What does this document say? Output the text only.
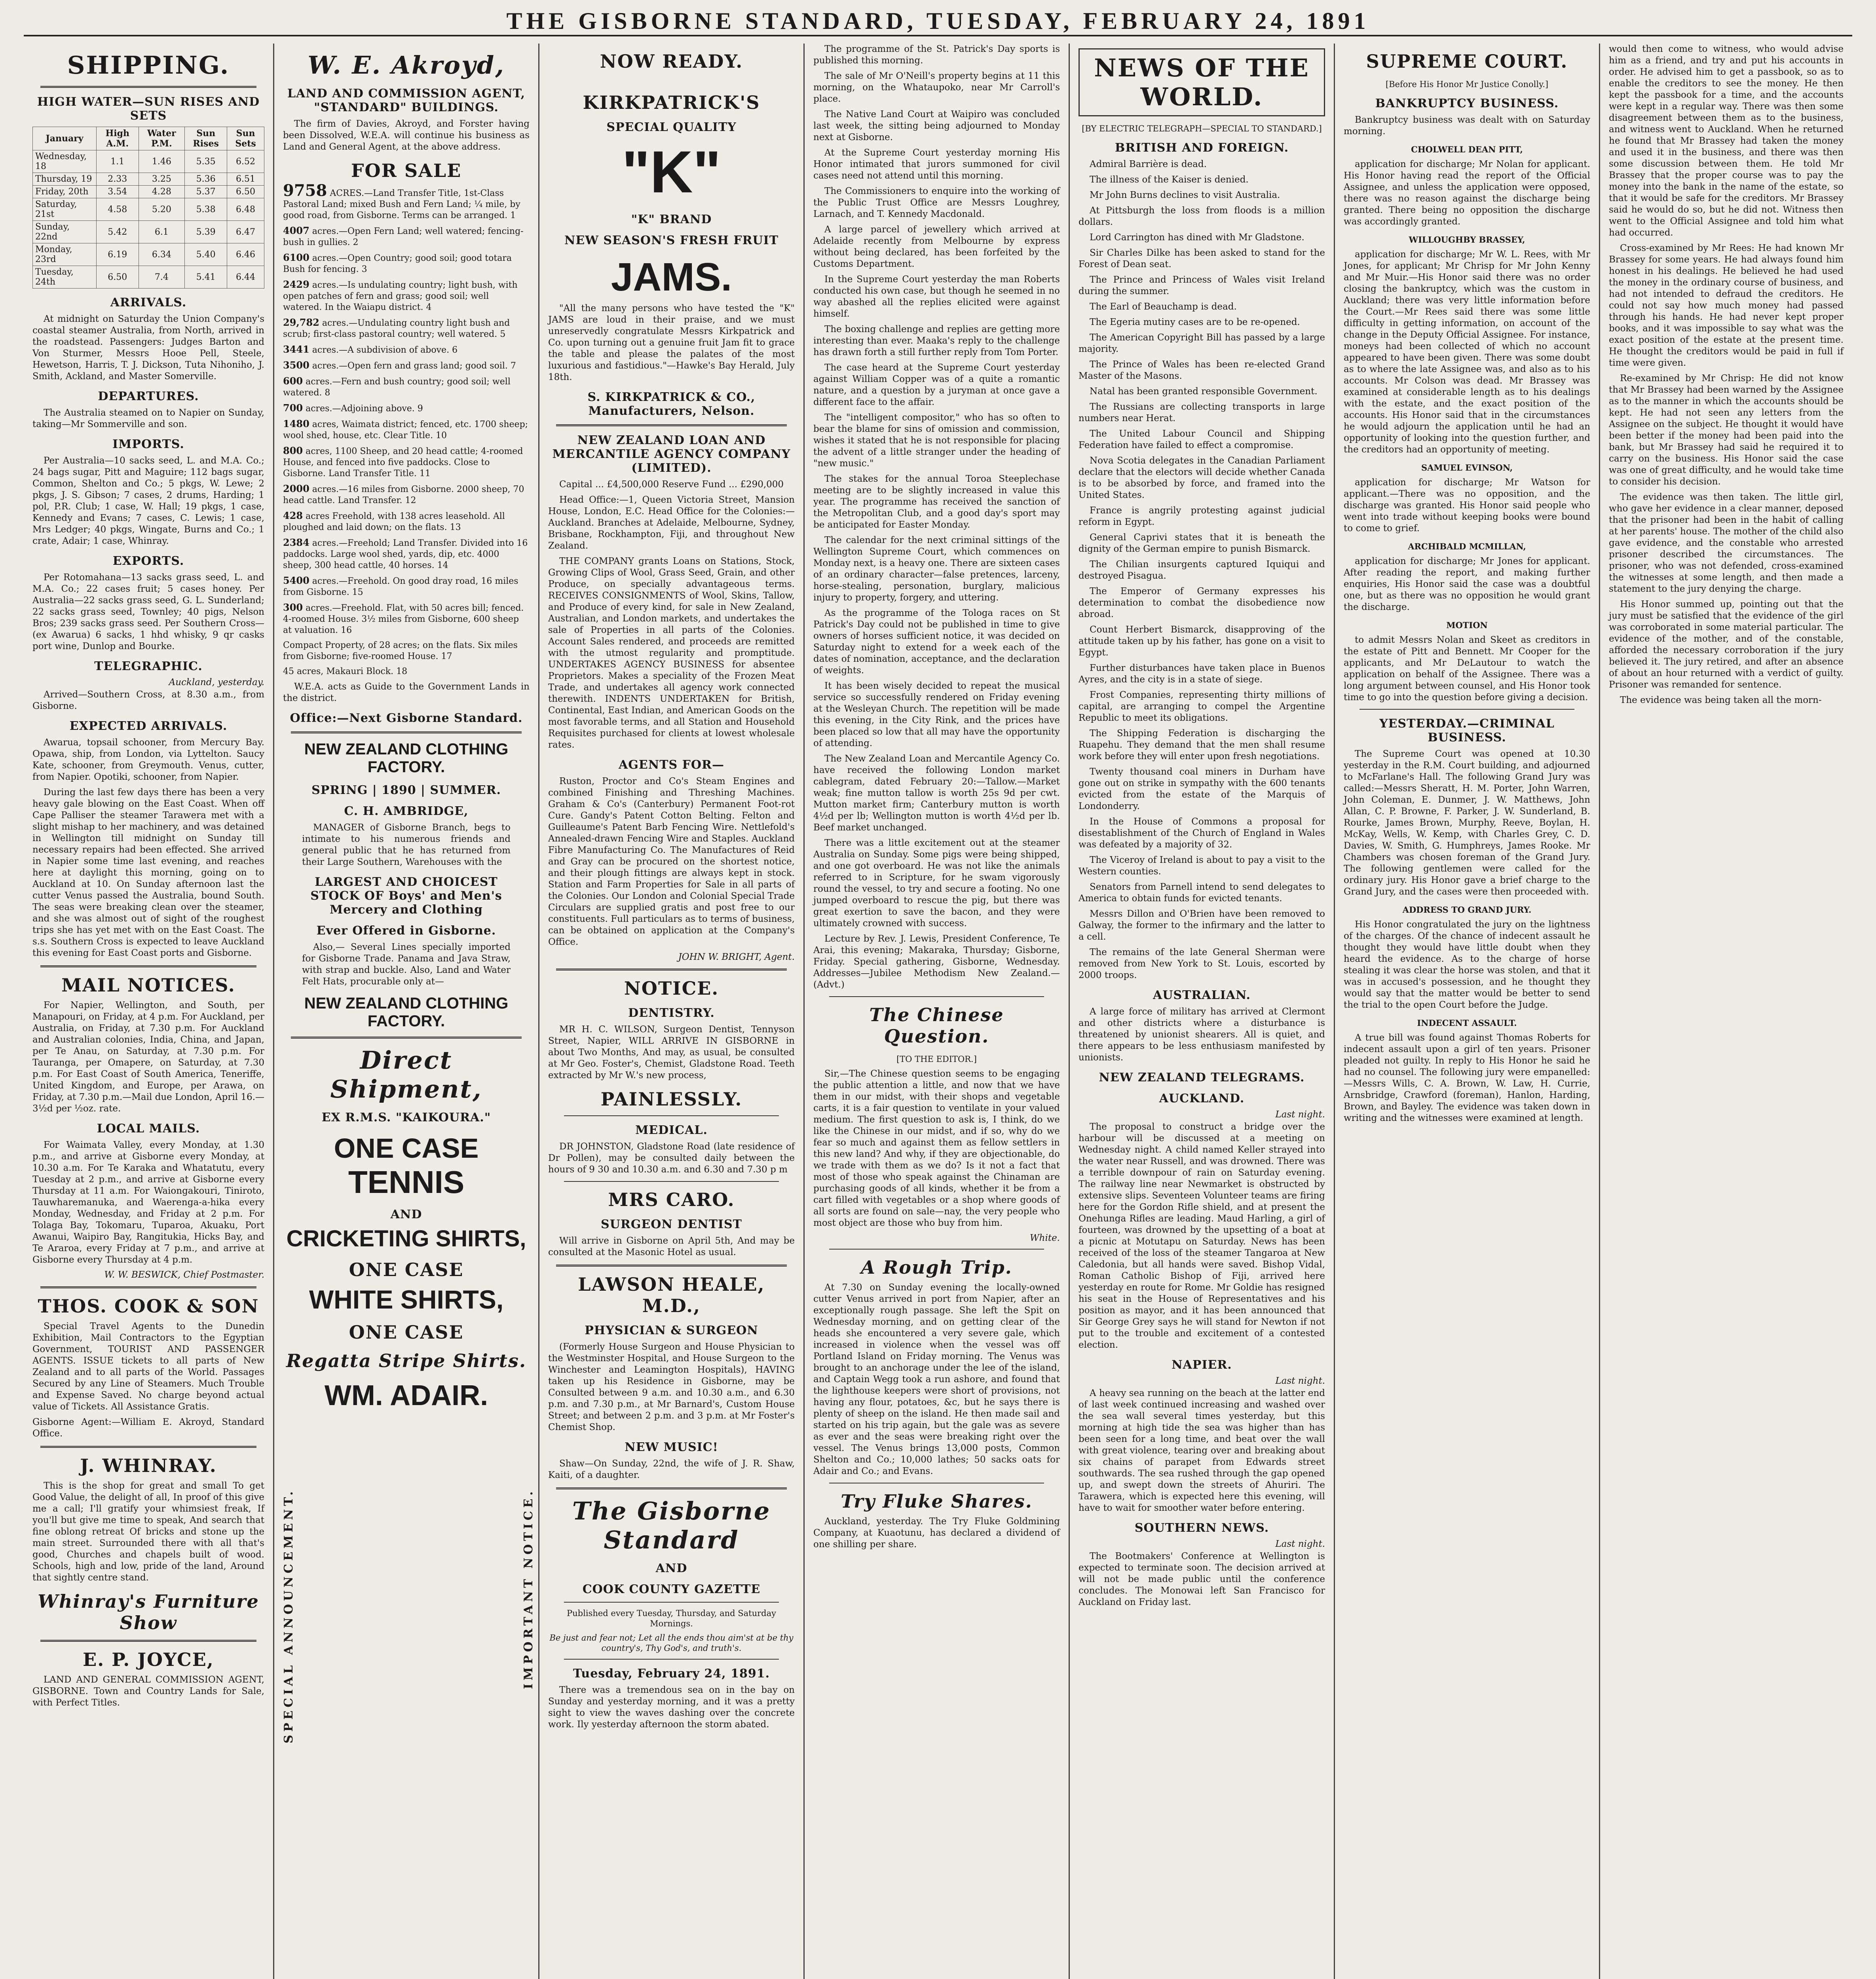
THE GISBORNE STANDARD, TUESDAY, FEBRUARY 24, 1891
SHIPPING.
HIGH WATER—SUN RISES AND SETS
January	High A.M.	Water P.M.	Sun Rises	Sun Sets
Wednesday, 18	1.1	1.46	5.35	6.52
Thursday, 19	2.33	3.25	5.36	6.51
Friday, 20th	3.54	4.28	5.37	6.50
Saturday, 21st	4.58	5.20	5.38	6.48
Sunday, 22nd	5.42	6.1	5.39	6.47
Monday, 23rd	6.19	6.34	5.40	6.46
Tuesday, 24th	6.50	7.4	5.41	6.44
ARRIVALS.

At midnight on Saturday the Union Company's coastal steamer Australia, from North, arrived in the roadstead. Passengers: Judges Barton and Von Sturmer, Messrs Hooe Pell, Steele, Hewetson, Harris, T. J. Dickson, Tuta Nihoniho, J. Smith, Ackland, and Master Somerville.

DEPARTURES.

The Australia steamed on to Napier on Sunday, taking—Mr Sommerville and son.

IMPORTS.

Per Australia—10 sacks seed, L. and M.A. Co.; 24 bags sugar, Pitt and Maguire; 112 bags sugar, Common, Shelton and Co.; 5 pkgs, W. Lewe; 2 pkgs, J. S. Gibson; 7 cases, 2 drums, Harding; 1 pol, P.R. Club; 1 case, W. Hall; 19 pkgs, 1 case, Kennedy and Evans; 7 cases, C. Lewis; 1 case, Mrs Ledger; 40 pkgs, Wingate, Burns and Co.; 1 crate, Adair; 1 case, Whinray.

EXPORTS.

Per Rotomahana—13 sacks grass seed, L. and M.A. Co.; 22 cases fruit; 5 cases honey. Per Australia—22 sacks grass seed, G. L. Sunderland; 22 sacks grass seed, Townley; 40 pigs, Nelson Bros; 239 sacks grass seed. Per Southern Cross—(ex Awarua) 6 sacks, 1 hhd whisky, 9 qr casks port wine, Dunlop and Bourke.

TELEGRAPHIC.
Auckland, yesterday.

Arrived—Southern Cross, at 8.30 a.m., from Gisborne.

EXPECTED ARRIVALS.

Awarua, topsail schooner, from Mercury Bay. Opawa, ship, from London, via Lyttelton. Saucy Kate, schooner, from Greymouth. Venus, cutter, from Napier. Opotiki, schooner, from Napier.

During the last few days there has been a very heavy gale blowing on the East Coast. When off Cape Palliser the steamer Tarawera met with a slight mishap to her machinery, and was detained in Wellington till midnight on Sunday till necessary repairs had been effected. She arrived in Napier some time last evening, and reaches here at daylight this morning, going on to Auckland at 10. On Sunday afternoon last the cutter Venus passed the Australia, bound South. The seas were breaking clean over the steamer, and she was almost out of sight of the roughest trips she has yet met with on the East Coast. The s.s. Southern Cross is expected to leave Auckland this evening for East Coast ports and Gisborne.

MAIL NOTICES.

For Napier, Wellington, and South, per Manapouri, on Friday, at 4 p.m. For Auckland, per Australia, on Friday, at 7.30 p.m. For Auckland and Australian colonies, India, China, and Japan, per Te Anau, on Saturday, at 7.30 p.m. For Tauranga, per Omapere, on Saturday, at 7.30 p.m. For East Coast of South America, Teneriffe, United Kingdom, and Europe, per Arawa, on Friday, at 7.30 p.m.—Mail due London, April 16.—3½d per ½oz. rate.

LOCAL MAILS.

For Waimata Valley, every Monday, at 1.30 p.m., and arrive at Gisborne every Monday, at 10.30 a.m. For Te Karaka and Whatatutu, every Tuesday at 2 p.m., and arrive at Gisborne every Thursday at 11 a.m. For Waiongakouri, Tiniroto, Tauwharemanuka, and Waerenga-a-hika every Monday, Wednesday, and Friday at 2 p.m. For Tolaga Bay, Tokomaru, Tuparoa, Akuaku, Port Awanui, Waipiro Bay, Rangitukia, Hicks Bay, and Te Araroa, every Friday at 7 p.m., and arrive at Gisborne every Thursday at 4 p.m.

W. W. BESWICK, Chief Postmaster.
THOS. COOK & SON

Special Travel Agents to the Dunedin Exhibition, Mail Contractors to the Egyptian Government, TOURIST AND PASSENGER AGENTS. ISSUE tickets to all parts of New Zealand and to all parts of the World. Passages Secured by any Line of Steamers. Much Trouble and Expense Saved. No charge beyond actual value of Tickets. All Assistance Gratis.

Gisborne Agent:—William E. Akroyd, Standard Office.

J. WHINRAY.

This is the shop for great and small To get Good Value, the delight of all, In proof of this give me a call; I'll gratify your whimsiest freak, If you'll but give me time to speak, And search that fine oblong retreat Of bricks and stone up the main street. Surrounded there with all that's good, Churches and chapels built of wood. Schools, high and low, pride of the land, Around that sightly centre stand.

Whinray's Furniture Show
E. P. JOYCE,

LAND AND GENERAL COMMISSION AGENT, GISBORNE. Town and Country Lands for Sale, with Perfect Titles.

W. E. Akroyd,
LAND AND COMMISSION AGENT, "STANDARD" BUILDINGS.

The firm of Davies, Akroyd, and Forster having been Dissolved, W.E.A. will continue his business as Land and General Agent, at the above address.

FOR SALE
9758 ACRES.—Land Transfer Title, 1st-Class Pastoral Land; mixed Bush and Fern Land; ¼ mile, by good road, from Gisborne. Terms can be arranged. 1
4007 acres.—Open Fern Land; well watered; fencing-bush in gullies. 2
6100 acres.—Open Country; good soil; good totara Bush for fencing. 3
2429 acres.—Is undulating country; light bush, with open patches of fern and grass; good soil; well watered. In the Waiapu district. 4
29,782 acres.—Undulating country light bush and scrub; first-class pastoral country; well watered. 5
3441 acres.—A subdivision of above. 6
3500 acres.—Open fern and grass land; good soil. 7
600 acres.—Fern and bush country; good soil; well watered. 8
700 acres.—Adjoining above. 9
1480 acres, Waimata district; fenced, etc. 1700 sheep; wool shed, house, etc. Clear Title. 10
800 acres, 1100 Sheep, and 20 head cattle; 4-roomed House, and fenced into five paddocks. Close to Gisborne. Land Transfer Title. 11
2000 acres.—16 miles from Gisborne. 2000 sheep, 70 head cattle. Land Transfer. 12
428 acres Freehold, with 138 acres leasehold. All ploughed and laid down; on the flats. 13
2384 acres.—Freehold; Land Transfer. Divided into 16 paddocks. Large wool shed, yards, dip, etc. 4000 sheep, 300 head cattle, 40 horses. 14
5400 acres.—Freehold. On good dray road, 16 miles from Gisborne. 15
300 acres.—Freehold. Flat, with 50 acres bill; fenced. 4-roomed House. 3½ miles from Gisborne, 600 sheep at valuation. 16
Compact Property, of 28 acres; on the flats. Six miles from Gisborne; five-roomed House. 17
45 acres, Makauri Block. 18

W.E.A. acts as Guide to the Government Lands in the district.

Office:—Next Gisborne Standard.
NEW ZEALAND CLOTHING FACTORY.
SPRING | 1890 | SUMMER.
C. H. AMBRIDGE,

MANAGER of Gisborne Branch, begs to intimate to his numerous friends and general public that he has returned from their Large Southern, Warehouses with the

LARGEST AND CHOICEST STOCK OF Boys' and Men's Mercery and Clothing
Ever Offered in Gisborne.

Also,— Several Lines specially imported for Gisborne Trade. Panama and Java Straw, with strap and buckle. Also, Land and Water Felt Hats, procurable only at—

NEW ZEALAND CLOTHING FACTORY.
Direct Shipment,
EX R.M.S. "KAIKOURA."
ONE CASE
TENNIS
AND
CRICKETING SHIRTS,
ONE CASE
WHITE SHIRTS,
ONE CASE
Regatta Stripe Shirts.
WM. ADAIR.
SPECIAL ANNOUNCEMENT.	IMPORTANT NOTICE.
NOW READY.
KIRKPATRICK'S
SPECIAL QUALITY
"K"
"K" BRAND
NEW SEASON'S FRESH FRUIT
JAMS.

"All the many persons who have tested the "K" JAMS are loud in their praise, and we must unreservedly congratulate Messrs Kirkpatrick and Co. upon turning out a genuine fruit Jam fit to grace the table and please the palates of the most luxurious and fastidious."—Hawke's Bay Herald, July 18th.

S. KIRKPATRICK & CO., Manufacturers, Nelson.
NEW ZEALAND LOAN AND MERCANTILE AGENCY COMPANY (LIMITED).

Capital ... £4,500,000 Reserve Fund ... £290,000

Head Office:—1, Queen Victoria Street, Mansion House, London, E.C. Head Office for the Colonies:—Auckland. Branches at Adelaide, Melbourne, Sydney, Brisbane, Rockhampton, Fiji, and throughout New Zealand.

THE COMPANY grants Loans on Stations, Stock, Growing Clips of Wool, Grass Seed, Grain, and other Produce, on specially advantageous terms. RECEIVES CONSIGNMENTS of Wool, Skins, Tallow, and Produce of every kind, for sale in New Zealand, Australian, and London markets, and undertakes the sale of Properties in all parts of the Colonies. Account Sales rendered, and proceeds are remitted with the utmost regularity and promptitude. UNDERTAKES AGENCY BUSINESS for absentee Proprietors. Makes a speciality of the Frozen Meat Trade, and undertakes all agency work connected therewith. INDENTS UNDERTAKEN for British, Continental, East Indian, and American Goods on the most favorable terms, and all Station and Household Requisites purchased for clients at lowest wholesale rates.

AGENTS FOR—

Ruston, Proctor and Co's Steam Engines and combined Finishing and Threshing Machines. Graham & Co's (Canterbury) Permanent Foot-rot Cure. Gandy's Patent Cotton Belting. Felton and Guilleaume's Patent Barb Fencing Wire. Nettlefold's Annealed-drawn Fencing Wire and Staples. Auckland Fibre Manufacturing Co. The Manufactures of Reid and Gray can be procured on the shortest notice, and their plough fittings are always kept in stock. Station and Farm Properties for Sale in all parts of the Colonies. Our London and Colonial Special Trade Circulars are supplied gratis and post free to our constituents. Full particulars as to terms of business, can be obtained on application at the Company's Office.

JOHN W. BRIGHT, Agent.
NOTICE.
DENTISTRY.

MR H. C. WILSON, Surgeon Dentist, Tennyson Street, Napier, WILL ARRIVE IN GISBORNE in about Two Months, And may, as usual, be consulted at Mr Geo. Foster's, Chemist, Gladstone Road. Teeth extracted by Mr W.'s new process,

PAINLESSLY.
MEDICAL.

DR JOHNSTON, Gladstone Road (late residence of Dr Pollen), may be consulted daily between the hours of 9 30 and 10.30 a.m. and 6.30 and 7.30 p m

MRS CARO.
SURGEON DENTIST

Will arrive in Gisborne on April 5th, And may be consulted at the Masonic Hotel as usual.

LAWSON HEALE, M.D.,
PHYSICIAN & SURGEON

(Formerly House Surgeon and House Physician to the Westminster Hospital, and House Surgeon to the Winchester and Leamington Hospitals), HAVING taken up his Residence in Gisborne, may be Consulted between 9 a.m. and 10.30 a.m., and 6.30 p.m. and 7.30 p.m., at Mr Barnard's, Custom House Street; and between 2 p.m. and 3 p.m. at Mr Foster's Chemist Shop.

NEW MUSIC!

Shaw—On Sunday, 22nd, the wife of J. R. Shaw, Kaiti, of a daughter.

The Gisborne Standard
AND
COOK COUNTY GAZETTE

Published every Tuesday, Thursday, and Saturday Mornings.

Be just and fear not; Let all the ends thou aim'st at be thy country's, Thy God's, and truth's.

Tuesday, February 24, 1891.

There was a tremendous sea on in the bay on Sunday and yesterday morning, and it was a pretty sight to view the waves dashing over the concrete work. Ily yesterday afternoon the storm abated.

The programme of the St. Patrick's Day sports is published this morning.

The sale of Mr O'Neill's property begins at 11 this morning, on the Whataupoko, near Mr Carroll's place.

The Native Land Court at Waipiro was concluded last week, the sitting being adjourned to Monday next at Gisborne.

At the Supreme Court yesterday morning His Honor intimated that jurors summoned for civil cases need not attend until this morning.

The Commissioners to enquire into the working of the Public Trust Office are Messrs Loughrey, Larnach, and T. Kennedy Macdonald.

A large parcel of jewellery which arrived at Adelaide recently from Melbourne by express without being declared, has been forfeited by the Customs Department.

In the Supreme Court yesterday the man Roberts conducted his own case, but though he seemed in no way abashed all the replies elicited were against himself.

The boxing challenge and replies are getting more interesting than ever. Maaka's reply to the challenge has drawn forth a still further reply from Tom Porter.

The case heard at the Supreme Court yesterday against William Copper was of a quite a romantic nature, and a question by a juryman at once gave a different face to the affair.

The "intelligent compositor," who has so often to bear the blame for sins of omission and commission, wishes it stated that he is not responsible for placing the advent of a little stranger under the heading of "new music."

The stakes for the annual Toroa Steeplechase meeting are to be slightly increased in value this year. The programme has received the sanction of the Metropolitan Club, and a good day's sport may be anticipated for Easter Monday.

The calendar for the next criminal sittings of the Wellington Supreme Court, which commences on Monday next, is a heavy one. There are sixteen cases of an ordinary character—false pretences, larceny, horse-stealing, personation, burglary, malicious injury to property, forgery, and uttering.

As the programme of the Tologa races on St Patrick's Day could not be published in time to give owners of horses sufficient notice, it was decided on Saturday night to extend for a week each of the dates of nomination, acceptance, and the declaration of weights.

It has been wisely decided to repeat the musical service so successfully rendered on Friday evening at the Wesleyan Church. The repetition will be made this evening, in the City Rink, and the prices have been placed so low that all may have the opportunity of attending.

The New Zealand Loan and Mercantile Agency Co. have received the following London market cablegram, dated February 20:—Tallow.—Market weak; fine mutton tallow is worth 25s 9d per cwt. Mutton market firm; Canterbury mutton is worth 4½d per lb; Wellington mutton is worth 4½d per lb. Beef market unchanged.

There was a little excitement out at the steamer Australia on Sunday. Some pigs were being shipped, and one got overboard. He was not like the animals referred to in Scripture, for he swam vigorously round the vessel, to try and secure a footing. No one jumped overboard to rescue the pig, but there was great exertion to save the bacon, and they were ultimately crowned with success.

Lecture by Rev. J. Lewis, President Conference, Te Arai, this evening; Makaraka, Thursday; Gisborne, Friday. Special gathering, Gisborne, Wednesday. Addresses—Jubilee Methodism New Zealand.—(Advt.)

The Chinese Question.
[TO THE EDITOR.]

Sir,—The Chinese question seems to be engaging the public attention a little, and now that we have them in our midst, with their shops and vegetable carts, it is a fair question to ventilate in your valued medium. The first question to ask is, I think, do we like the Chinese in our midst, and if so, why do we fear so much and against them as fellow settlers in this new land? And why, if they are objectionable, do we trade with them as we do? Is it not a fact that most of those who speak against the Chinaman are purchasing goods of all kinds, whether it be from a cart filled with vegetables or a shop where goods of all sorts are found on sale—nay, the very people who most object are those who buy from him.

White.
A Rough Trip.

At 7.30 on Sunday evening the locally-owned cutter Venus arrived in port from Napier, after an exceptionally rough passage. She left the Spit on Wednesday morning, and on getting clear of the heads she encountered a very severe gale, which increased in violence when the vessel was off Portland Island on Friday morning. The Venus was brought to an anchorage under the lee of the island, and Captain Wegg took a run ashore, and found that the lighthouse keepers were short of provisions, not having any flour, potatoes, &c, but he says there is plenty of sheep on the island. He then made sail and started on his trip again, but the gale was as severe as ever and the seas were breaking right over the vessel. The Venus brings 13,000 posts, Common Shelton and Co.; 10,000 lathes; 50 sacks oats for Adair and Co.; and Evans.

Try Fluke Shares.

Auckland, yesterday. The Try Fluke Goldmining Company, at Kuaotunu, has declared a dividend of one shilling per share.

NEWS OF THE WORLD.
[BY ELECTRIC TELEGRAPH—SPECIAL TO STANDARD.]
BRITISH AND FOREIGN.

Admiral Barrière is dead.

The illness of the Kaiser is denied.

Mr John Burns declines to visit Australia.

At Pittsburgh the loss from floods is a million dollars.

Lord Carrington has dined with Mr Gladstone.

Sir Charles Dilke has been asked to stand for the Forest of Dean seat.

The Prince and Princess of Wales visit Ireland during the summer.

The Earl of Beauchamp is dead.

The Egeria mutiny cases are to be re-opened.

The American Copyright Bill has passed by a large majority.

The Prince of Wales has been re-elected Grand Master of the Masons.

Natal has been granted responsible Government.

The Russians are collecting transports in large numbers near Herat.

The United Labour Council and Shipping Federation have failed to effect a compromise.

Nova Scotia delegates in the Canadian Parliament declare that the electors will decide whether Canada is to be absorbed by force, and framed into the United States.

France is angrily protesting against judicial reform in Egypt.

General Caprivi states that it is beneath the dignity of the German empire to punish Bismarck.

The Chilian insurgents captured Iquiqui and destroyed Pisagua.

The Emperor of Germany expresses his determination to combat the disobedience now abroad.

Count Herbert Bismarck, disapproving of the attitude taken up by his father, has gone on a visit to Egypt.

Further disturbances have taken place in Buenos Ayres, and the city is in a state of siege.

Frost Companies, representing thirty millions of capital, are arranging to compel the Argentine Republic to meet its obligations.

The Shipping Federation is discharging the Ruapehu. They demand that the men shall resume work before they will enter upon fresh negotiations.

Twenty thousand coal miners in Durham have gone out on strike in sympathy with the 600 tenants evicted from the estate of the Marquis of Londonderry.

In the House of Commons a proposal for disestablishment of the Church of England in Wales was defeated by a majority of 32.

The Viceroy of Ireland is about to pay a visit to the Western counties.

Senators from Parnell intend to send delegates to America to obtain funds for evicted tenants.

Messrs Dillon and O'Brien have been removed to Galway, the former to the infirmary and the latter to a cell.

The remains of the late General Sherman were removed from New York to St. Louis, escorted by 2000 troops.

AUSTRALIAN.

A large force of military has arrived at Clermont and other districts where a disturbance is threatened by unionist shearers. All is quiet, and there appears to be less enthusiasm manifested by unionists.

NEW ZEALAND TELEGRAMS.
AUCKLAND.
Last night.

The proposal to construct a bridge over the harbour will be discussed at a meeting on Wednesday night. A child named Keller strayed into the water near Russell, and was drowned. There was a terrible downpour of rain on Saturday evening. The railway line near Newmarket is obstructed by extensive slips. Seventeen Volunteer teams are firing here for the Gordon Rifle shield, and at present the Onehunga Rifles are leading. Maud Harling, a girl of fourteen, was drowned by the upsetting of a boat at a picnic at Motutapu on Saturday. News has been received of the loss of the steamer Tangaroa at New Caledonia, but all hands were saved. Bishop Vidal, Roman Catholic Bishop of Fiji, arrived here yesterday en route for Rome. Mr Goldie has resigned his seat in the House of Representatives and his position as mayor, and it has been announced that Sir George Grey says he will stand for Newton if not put to the trouble and excitement of a contested election.

NAPIER.
Last night.

A heavy sea running on the beach at the latter end of last week continued increasing and washed over the sea wall several times yesterday, but this morning at high tide the sea was higher than has been seen for a long time, and beat over the wall with great violence, tearing over and breaking about six chains of parapet from Edwards street southwards. The sea rushed through the gap opened up, and swept down the streets of Ahuriri. The Tarawera, which is expected here this evening, will have to wait for smoother water before entering.

SOUTHERN NEWS.
Last night.

The Bootmakers' Conference at Wellington is expected to terminate soon. The decision arrived at will not be made public until the conference concludes. The Monowai left San Francisco for Auckland on Friday last.

SUPREME COURT.
[Before His Honor Mr Justice Conolly.]
BANKRUPTCY BUSINESS.

Bankruptcy business was dealt with on Saturday morning.

CHOLWELL DEAN PITT,

application for discharge; Mr Nolan for applicant. His Honor having read the report of the Official Assignee, and unless the application were opposed, there was no reason against the discharge being granted. There being no opposition the discharge was accordingly granted.

WILLOUGHBY BRASSEY,

application for discharge; Mr W. L. Rees, with Mr Jones, for applicant; Mr Chrisp for Mr John Kenny and Mr Muir.—His Honor said there was no order closing the bankruptcy, which was the custom in Auckland; there was very little information before the Court.—Mr Rees said there was some little difficulty in getting information, on account of the change in the Deputy Official Assignee. For instance, moneys had been collected of which no account appeared to have been given. There was some doubt as to where the late Assignee was, and also as to his accounts. Mr Colson was dead. Mr Brassey was examined at considerable length as to his dealings with the estate, and the exact position of the accounts. His Honor said that in the circumstances he would adjourn the application until he had an opportunity of looking into the question further, and the creditors had an opportunity of meeting.

SAMUEL EVINSON,

application for discharge; Mr Watson for applicant.—There was no opposition, and the discharge was granted. His Honor said people who went into trade without keeping books were bound to come to grief.

ARCHIBALD MCMILLAN,

application for discharge; Mr Jones for applicant. After reading the report, and making further enquiries, His Honor said the case was a doubtful one, but as there was no opposition he would grant the discharge.

MOTION

to admit Messrs Nolan and Skeet as creditors in the estate of Pitt and Bennett. Mr Cooper for the applicants, and Mr DeLautour to watch the application on behalf of the Assignee. There was a long argument between counsel, and His Honor took time to go into the question before giving a decision.

YESTERDAY.—CRIMINAL BUSINESS.

The Supreme Court was opened at 10.30 yesterday in the R.M. Court building, and adjourned to McFarlane's Hall. The following Grand Jury was called:—Messrs Sheratt, H. M. Porter, John Warren, John Coleman, E. Dunmer, J. W. Matthews, John Allan, C. P. Browne, F. Parker, J. W. Sunderland, B. Rourke, James Brown, Murphy, Reeve, Boylan, H. McKay, Wells, W. Kemp, with Charles Grey, C. D. Davies, W. Smith, G. Humphreys, James Rooke. Mr Chambers was chosen foreman of the Grand Jury. The following gentlemen were called for the ordinary jury. His Honor gave a brief charge to the Grand Jury, and the cases were then proceeded with.

ADDRESS TO GRAND JURY.

His Honor congratulated the jury on the lightness of the charges. Of the chance of indecent assault he thought they would have little doubt when they heard the evidence. As to the charge of horse stealing it was clear the horse was stolen, and that it was in accused's possession, and he thought they would say that the matter would be better to send the trial to the open Court before the Judge.

INDECENT ASSAULT.

A true bill was found against Thomas Roberts for indecent assault upon a girl of ten years. Prisoner pleaded not guilty. In reply to His Honor he said he had no counsel. The following jury were empanelled:—Messrs Wills, C. A. Brown, W. Law, H. Currie, Arnsbridge, Crawford (foreman), Hanlon, Harding, Brown, and Bayley. The evidence was taken down in writing and the witnesses were examined at length.

would then come to witness, who would advise him as a friend, and try and put his accounts in order. He advised him to get a passbook, so as to enable the creditors to see the money. He then kept the passbook for a time, and the accounts were kept in a regular way. There was then some disagreement between them as to the business, and witness went to Auckland. When he returned he found that Mr Brassey had taken the money and used it in the business, and there was then some discussion between them. He told Mr Brassey that the proper course was to pay the money into the bank in the name of the estate, so that it would be safe for the creditors. Mr Brassey said he would do so, but he did not. Witness then went to the Official Assignee and told him what had occurred.

Cross-examined by Mr Rees: He had known Mr Brassey for some years. He had always found him honest in his dealings. He believed he had used the money in the ordinary course of business, and had not intended to defraud the creditors. He could not say how much money had passed through his hands. He had never kept proper books, and it was impossible to say what was the exact position of the estate at the present time. He thought the creditors would be paid in full if time were given.

Re-examined by Mr Chrisp: He did not know that Mr Brassey had been warned by the Assignee as to the manner in which the accounts should be kept. He had not seen any letters from the Assignee on the subject. He thought it would have been better if the money had been paid into the bank, but Mr Brassey had said he required it to carry on the business. His Honor said the case was one of great difficulty, and he would take time to consider his decision.

The evidence was then taken. The little girl, who gave her evidence in a clear manner, deposed that the prisoner had been in the habit of calling at her parents' house. The mother of the child also gave evidence, and the constable who arrested prisoner described the circumstances. The prisoner, who was not defended, cross-examined the witnesses at some length, and then made a statement to the jury denying the charge.

His Honor summed up, pointing out that the jury must be satisfied that the evidence of the girl was corroborated in some material particular. The evidence of the mother, and of the constable, afforded the necessary corroboration if the jury believed it. The jury retired, and after an absence of about an hour returned with a verdict of guilty. Prisoner was remanded for sentence.

The evidence was being taken all the morn-
